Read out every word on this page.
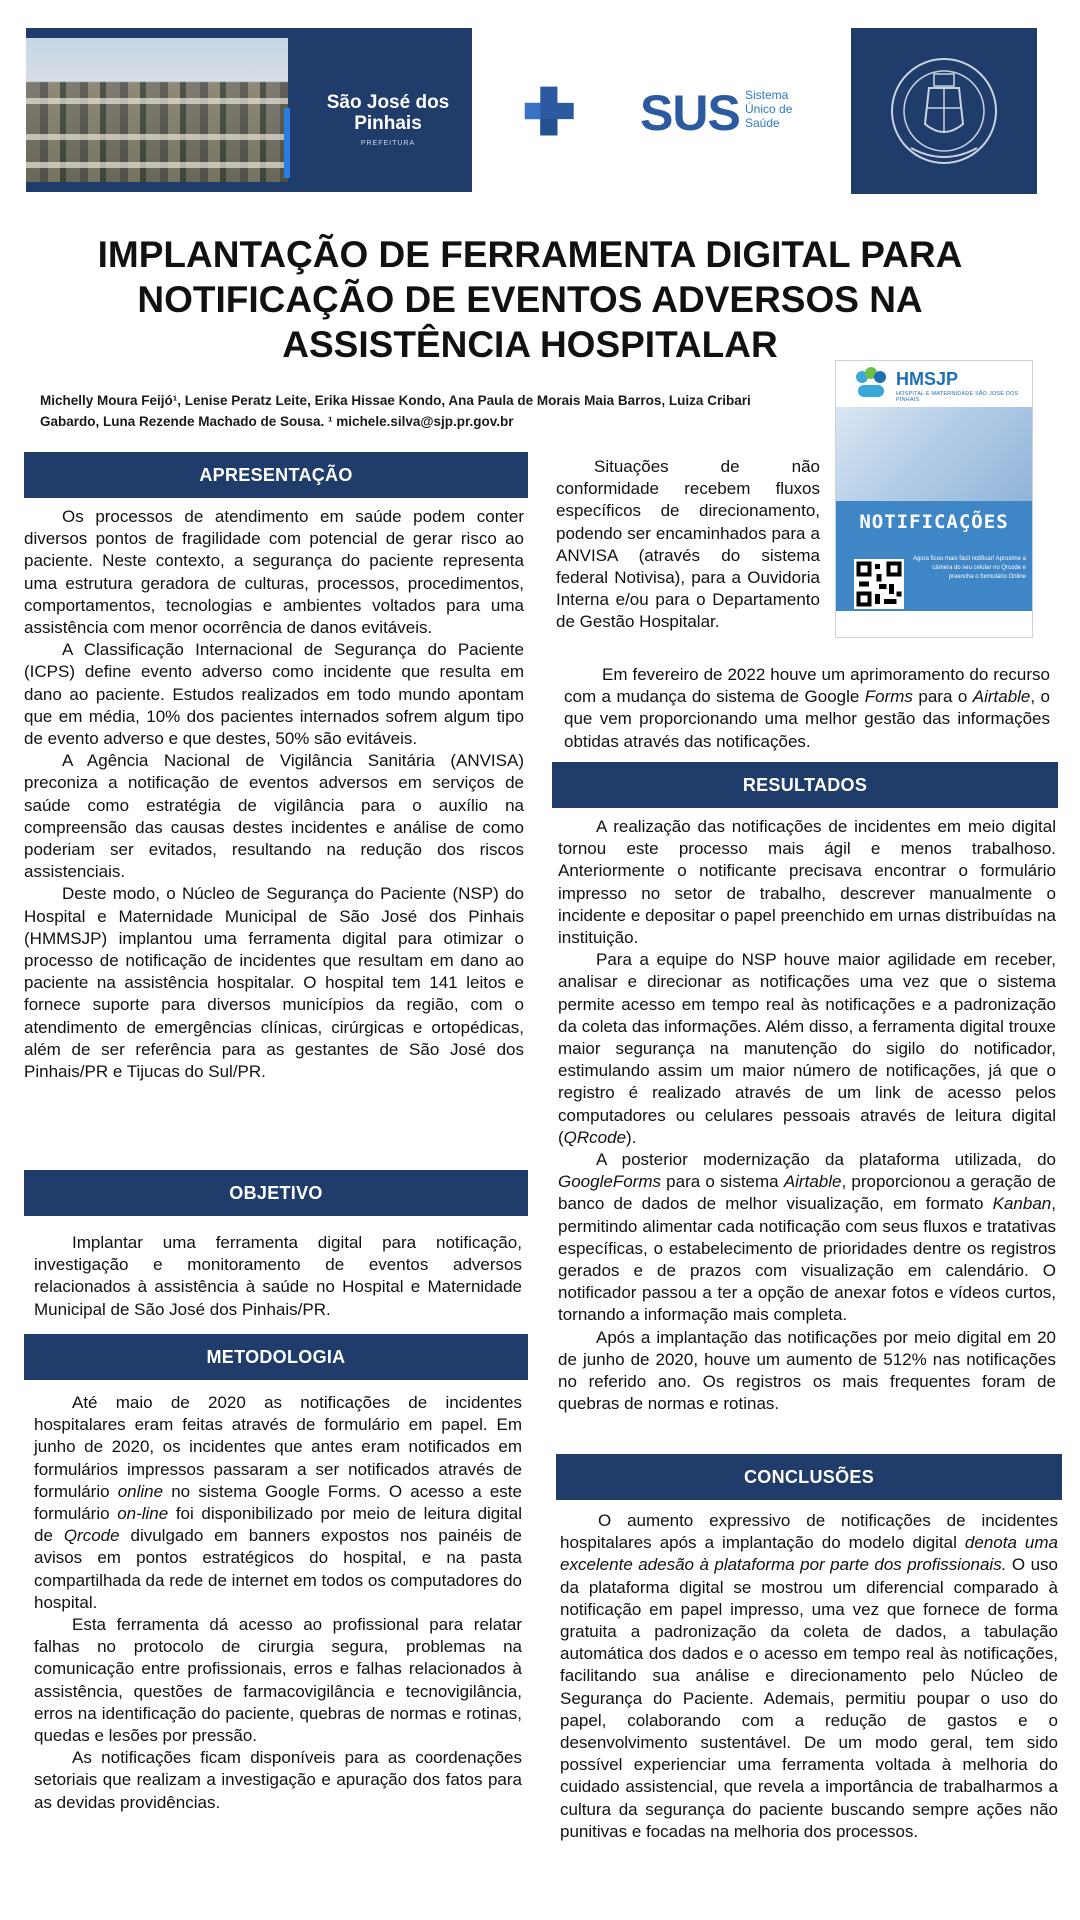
São José dos Pinhais
PREFEITURA
SUS Sistema Único de Saúde
IMPLANTAÇÃO DE FERRAMENTA DIGITAL PARA NOTIFICAÇÃO DE EVENTOS ADVERSOS NA ASSISTÊNCIA HOSPITALAR
Michelly Moura Feijó¹, Lenise Peratz Leite, Erika Hissae Kondo, Ana Paula de Morais Maia Barros, Luiza Cribari Gabardo, Luna Rezende Machado de Sousa. ¹ michele.silva@sjp.pr.gov.br
HMSJP
HOSPITAL E MATERNIDADE SÃO JOSÉ DOS PINHAIS
NOTIFICAÇÕES
Agora ficou mais fácil notificar! Aproxime a câmera do seu celular no Qrcode e preencha o formulário Online
APRESENTAÇÃO

Os processos de atendimento em saúde podem conter diversos pontos de fragilidade com potencial de gerar risco ao paciente. Neste contexto, a segurança do paciente representa uma estrutura geradora de culturas, processos, procedimentos, comportamentos, tecnologias e ambientes voltados para uma assistência com menor ocorrência de danos evitáveis.

A Classificação Internacional de Segurança do Paciente (ICPS) define evento adverso como incidente que resulta em dano ao paciente. Estudos realizados em todo mundo apontam que em média, 10% dos pacientes internados sofrem algum tipo de evento adverso e que destes, 50% são evitáveis.

A Agência Nacional de Vigilância Sanitária (ANVISA) preconiza a notificação de eventos adversos em serviços de saúde como estratégia de vigilância para o auxílio na compreensão das causas destes incidentes e análise de como poderiam ser evitados, resultando na redução dos riscos assistenciais.

Deste modo, o Núcleo de Segurança do Paciente (NSP) do Hospital e Maternidade Municipal de São José dos Pinhais (HMMSJP) implantou uma ferramenta digital para otimizar o processo de notificação de incidentes que resultam em dano ao paciente na assistência hospitalar. O hospital tem 141 leitos e fornece suporte para diversos municípios da região, com o atendimento de emergências clínicas, cirúrgicas e ortopédicas, além de ser referência para as gestantes de São José dos Pinhais/PR e Tijucas do Sul/PR.

OBJETIVO

Implantar uma ferramenta digital para notificação, investigação e monitoramento de eventos adversos relacionados à assistência à saúde no Hospital e Maternidade Municipal de São José dos Pinhais/PR.

METODOLOGIA

Até maio de 2020 as notificações de incidentes hospitalares eram feitas através de formulário em papel. Em junho de 2020, os incidentes que antes eram notificados em formulários impressos passaram a ser notificados através de formulário online no sistema Google Forms. O acesso a este formulário on-line foi disponibilizado por meio de leitura digital de Qrcode divulgado em banners expostos nos painéis de avisos em pontos estratégicos do hospital, e na pasta compartilhada da rede de internet em todos os computadores do hospital.

Esta ferramenta dá acesso ao profissional para relatar falhas no protocolo de cirurgia segura, problemas na comunicação entre profissionais, erros e falhas relacionados à assistência, questões de farmacovigilância e tecnovigilância, erros na identificação do paciente, quebras de normas e rotinas, quedas e lesões por pressão.

As notificações ficam disponíveis para as coordenações setoriais que realizam a investigação e apuração dos fatos para as devidas providências.

Situações de não conformidade recebem fluxos específicos de direcionamento, podendo ser encaminhados para a ANVISA (através do sistema federal Notivisa), para a Ouvidoria Interna e/ou para o Departamento de Gestão Hospitalar.

Em fevereiro de 2022 houve um aprimoramento do recurso com a mudança do sistema de Google Forms para o Airtable, o que vem proporcionando uma melhor gestão das informações obtidas através das notificações.

RESULTADOS

A realização das notificações de incidentes em meio digital tornou este processo mais ágil e menos trabalhoso. Anteriormente o notificante precisava encontrar o formulário impresso no setor de trabalho, descrever manualmente o incidente e depositar o papel preenchido em urnas distribuídas na instituição.

Para a equipe do NSP houve maior agilidade em receber, analisar e direcionar as notificações uma vez que o sistema permite acesso em tempo real às notificações e a padronização da coleta das informações. Além disso, a ferramenta digital trouxe maior segurança na manutenção do sigilo do notificador, estimulando assim um maior número de notificações, já que o registro é realizado através de um link de acesso pelos computadores ou celulares pessoais através de leitura digital (QRcode).

A posterior modernização da plataforma utilizada, do GoogleForms para o sistema Airtable, proporcionou a geração de banco de dados de melhor visualização, em formato Kanban, permitindo alimentar cada notificação com seus fluxos e tratativas específicas, o estabelecimento de prioridades dentre os registros gerados e de prazos com visualização em calendário. O notificador passou a ter a opção de anexar fotos e vídeos curtos, tornando a informação mais completa.

Após a implantação das notificações por meio digital em 20 de junho de 2020, houve um aumento de 512% nas notificações no referido ano. Os registros os mais frequentes foram de quebras de normas e rotinas.

CONCLUSÕES

O aumento expressivo de notificações de incidentes hospitalares após a implantação do modelo digital denota uma excelente adesão à plataforma por parte dos profissionais. O uso da plataforma digital se mostrou um diferencial comparado à notificação em papel impresso, uma vez que fornece de forma gratuita a padronização da coleta de dados, a tabulação automática dos dados e o acesso em tempo real às notificações, facilitando sua análise e direcionamento pelo Núcleo de Segurança do Paciente. Ademais, permitiu poupar o uso do papel, colaborando com a redução de gastos e o desenvolvimento sustentável. De um modo geral, tem sido possível experienciar uma ferramenta voltada à melhoria do cuidado assistencial, que revela a importância de trabalharmos a cultura da segurança do paciente buscando sempre ações não punitivas e focadas na melhoria dos processos.
